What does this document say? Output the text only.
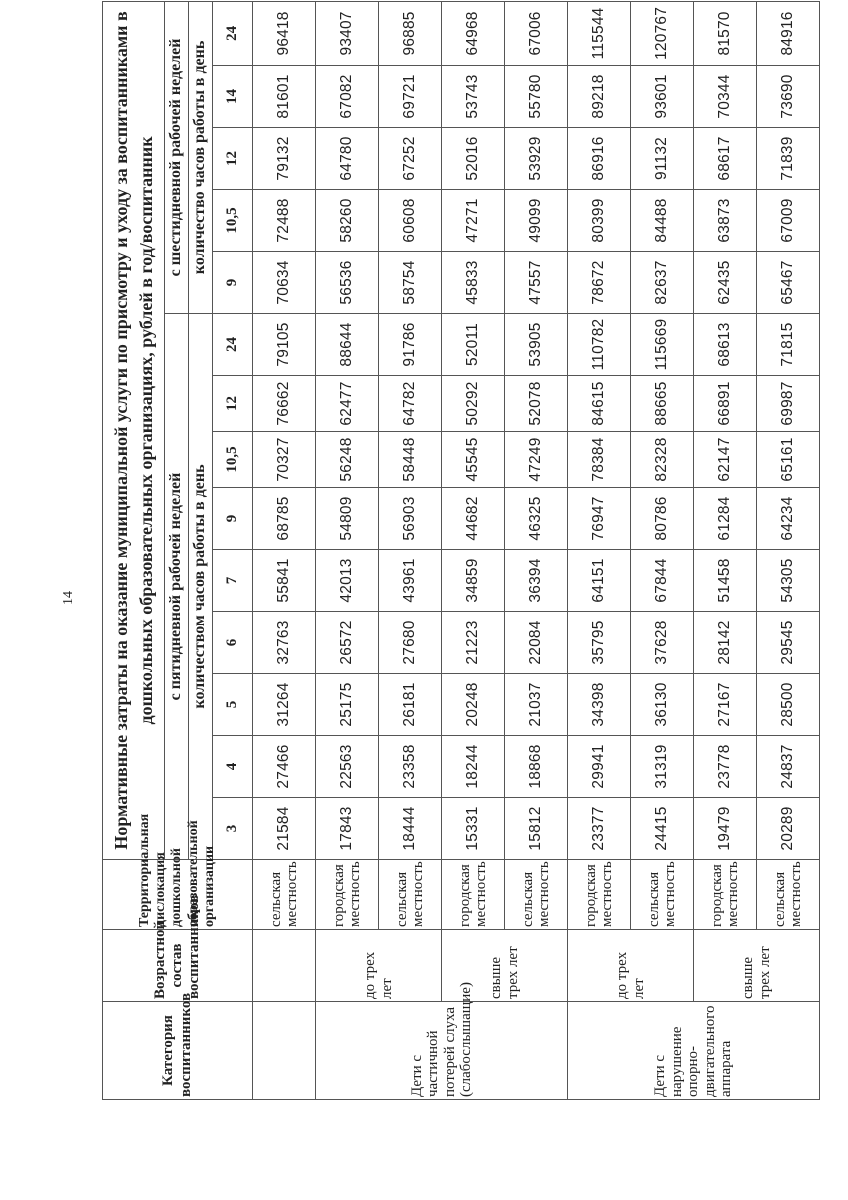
14
Категория воспитанников	Возрастной состав воспитанников	Территориальная дислокация дошкольной образовательной организации	Нормативные затраты на оказание муниципальной услуги по присмотру и уходу за воспитанниками в дошкольных образовательных организациях, рублей в год/воспитанник													
			с пятидневной рабочей неделей									с шестидневной рабочей неделей				
			количеством часов работы в день									количество часов работы в день				
			3	4	5	6	7	9	10,5	12	24	9	10,5	12	14	24
		сельская местность	21584	27466	31264	32763	55841	68785	70327	76662	79105	70634	72488	79132	81601	96418
Дети с частичной потерей слуха (слабослышащие)	до трех лет	городская местность	17843	22563	25175	26572	42013	54809	56248	62477	88644	56536	58260	64780	67082	93407
		сельская местность	18444	23358	26181	27680	43961	56903	58448	64782	91786	58754	60608	67252	69721	96885
	свыше трех лет	городская местность	15331	18244	20248	21223	34859	44682	45545	50292	52011	45833	47271	52016	53743	64968
		сельская местность	15812	18868	21037	22084	36394	46325	47249	52078	53905	47557	49099	53929	55780	67006
Дети с нарушение опорно-двигательного аппарата	до трех лет	городская местность	23377	29941	34398	35795	64151	76947	78384	84615	110782	78672	80399	86916	89218	115544
		сельская местность	24415	31319	36130	37628	67844	80786	82328	88665	115669	82637	84488	91132	93601	120767
	свыше трех лет	городская местность	19479	23778	27167	28142	51458	61284	62147	66891	68613	62435	63873	68617	70344	81570
		сельская местность	20289	24837	28500	29545	54305	64234	65161	69987	71815	65467	67009	71839	73690	84916
